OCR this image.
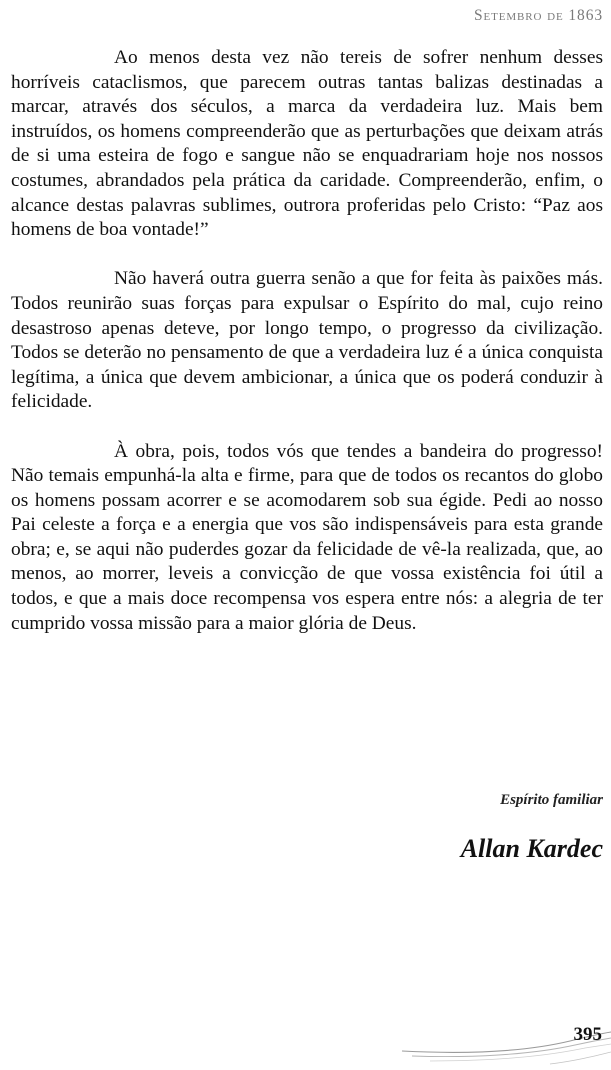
Setembro de 1863

Ao menos desta vez não tereis de sofrer nenhum desses horríveis cataclismos, que parecem outras tantas balizas destinadas a marcar, através dos séculos, a marca da verdadeira luz. Mais bem instruídos, os homens compreenderão que as perturbações que deixam atrás de si uma esteira de fogo e sangue não se enquadrariam hoje nos nossos costumes, abrandados pela prática da caridade. Compreenderão, enfim, o alcance destas palavras sublimes, outrora proferidas pelo Cristo: “Paz aos homens de boa vontade!”

Não haverá outra guerra senão a que for feita às paixões más. Todos reunirão suas forças para expulsar o Espírito do mal, cujo reino desastroso apenas deteve, por longo tempo, o progresso da civilização. Todos se deterão no pensamento de que a verdadeira luz é a única conquista legítima, a única que devem ambicionar, a única que os poderá conduzir à felicidade.

À obra, pois, todos vós que tendes a bandeira do progresso! Não temais empunhá-la alta e firme, para que de todos os recantos do globo os homens possam acorrer e se acomodarem sob sua égide. Pedi ao nosso Pai celeste a força e a energia que vos são indispensáveis para esta grande obra; e, se aqui não puderdes gozar da felicidade de vê-la realizada, que, ao menos, ao morrer, leveis a convicção de que vossa existência foi útil a todos, e que a mais doce recompensa vos espera entre nós: a alegria de ter cumprido vossa missão para a maior glória de Deus.

Espírito familiar
Allan Kardec
395
